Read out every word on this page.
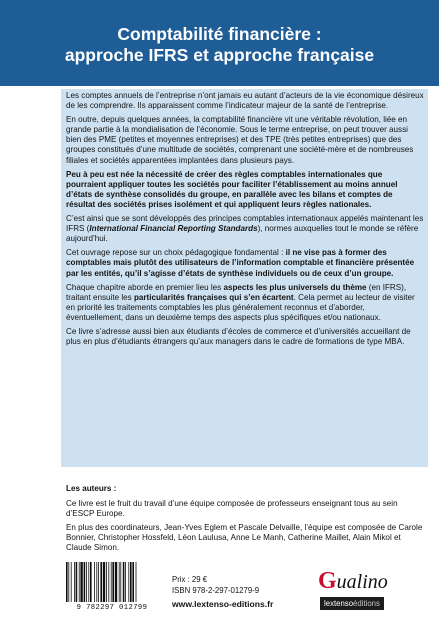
Comptabilité financière :
approche IFRS et approche française

Les comptes annuels de l’entreprise n’ont jamais eu autant d’acteurs de la vie économique désireux de les comprendre. Ils apparaissent comme l’indicateur majeur de la santé de l’entreprise.

En outre, depuis quelques années, la comptabilité financière vit une véritable révolution, liée en grande partie à la mondialisation de l’économie. Sous le terme entreprise, on peut trouver aussi bien des PME (petites et moyennes entreprises) et des TPE (très petites entreprises) que des groupes constitués d’une multitude de sociétés, comprenant une société-mère et de nombreuses filiales et sociétés apparentées implantées dans plusieurs pays.

Peu à peu est née la nécessité de créer des règles comptables internationales que pourraient appliquer toutes les sociétés pour faciliter l’établissement au moins annuel d’états de synthèse consolidés du groupe, en parallèle avec les bilans et comptes de résultat des sociétés prises isolément et qui appliquent leurs règles nationales.

C’est ainsi que se sont développés des principes comptables internationaux appelés maintenant les IFRS (International Financial Reporting Standards), normes auxquelles tout le monde se réfère aujourd’hui.

Cet ouvrage repose sur un choix pédagogique fondamental : il ne vise pas à former des comptables mais plutôt des utilisateurs de l’information comptable et financière présentée par les entités, qu’il s’agisse d’états de synthèse individuels ou de ceux d’un groupe.

Chaque chapitre aborde en premier lieu les aspects les plus universels du thème (en IFRS), traitant ensuite les particularités françaises qui s’en écartent. Cela permet au lecteur de visiter en priorité les traitements comptables les plus généralement reconnus et d’aborder, éventuellement, dans un deuxième temps des aspects plus spécifiques et/ou nationaux.

Ce livre s’adresse aussi bien aux étudiants d’écoles de commerce et d’universités accueillant de plus en plus d’étudiants étrangers qu’aux managers dans le cadre de formations de type MBA.

Les auteurs :

Ce livre est le fruit du travail d’une équipe composée de professeurs enseignant tous au sein d’ESCP Europe.

En plus des coordinateurs, Jean-Yves Eglem et Pascale Delvaille, l’équipe est composée de Carole Bonnier, Christopher Hossfeld, Léon Laulusa, Anne Le Manh, Catherine Maillet, Alain Mikol et Claude Simon.

9 782297 012799
Prix : 29 €
ISBN 978-2-297-01279-9
www.lextenso-editions.fr
Gualino
lextensoéditions
